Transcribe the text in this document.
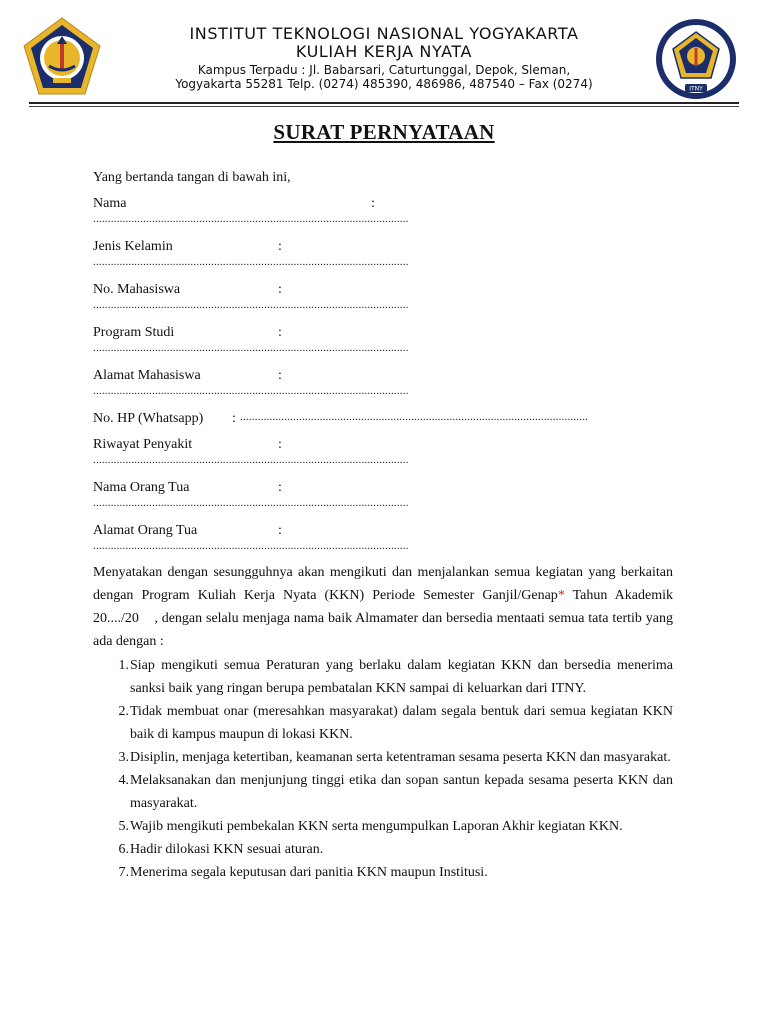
ITNY
INSTITUT TEKNOLOGI NASIONAL YOGYAKARTA
KULIAH KERJA NYATA
Kampus Terpadu : Jl. Babarsari, Caturtunggal, Depok, Sleman,
Yogyakarta 55281 Telp. (0274) 485390, 486986, 487540 – Fax (0274)
SURAT PERNYATAAN
Yang bertanda tangan di bawah ini,
Nama	:
...........................................................................................................
Jenis Kelamin	:
...........................................................................................................
No. Mahasiswa	:
...........................................................................................................
Program Studi	:
...........................................................................................................
Alamat Mahasiswa	:
...........................................................................................................
No. HP (Whatsapp) : ......................................................................................................................
Riwayat Penyakit	:
...........................................................................................................
Nama Orang Tua	:
...........................................................................................................
Alamat Orang Tua	:
...........................................................................................................
Menyatakan dengan sesungguhnya akan mengikuti dan menjalankan semua kegiatan yang berkaitan dengan Program Kuliah Kerja Nyata (KKN) Periode Semester Ganjil/Genap* Tahun Akademik 20..../20    , dengan selalu menjaga nama baik Almamater dan bersedia mentaati semua tata tertib yang ada dengan :
1. Siap mengikuti semua Peraturan yang berlaku dalam kegiatan KKN dan bersedia menerima sanksi baik yang ringan berupa pembatalan KKN sampai di keluarkan dari ITNY.
2. Tidak membuat onar (meresahkan masyarakat) dalam segala bentuk dari semua kegiatan KKN baik di kampus maupun di lokasi KKN.
3. Disiplin, menjaga ketertiban, keamanan serta ketentraman sesama peserta KKN dan masyarakat.
4. Melaksanakan dan menjunjung tinggi etika dan sopan santun kepada sesama peserta KKN dan masyarakat.
5. Wajib mengikuti pembekalan KKN serta mengumpulkan Laporan Akhir kegiatan KKN.
6. Hadir dilokasi KKN sesuai aturan.
7. Menerima segala keputusan dari panitia KKN maupun Institusi.
